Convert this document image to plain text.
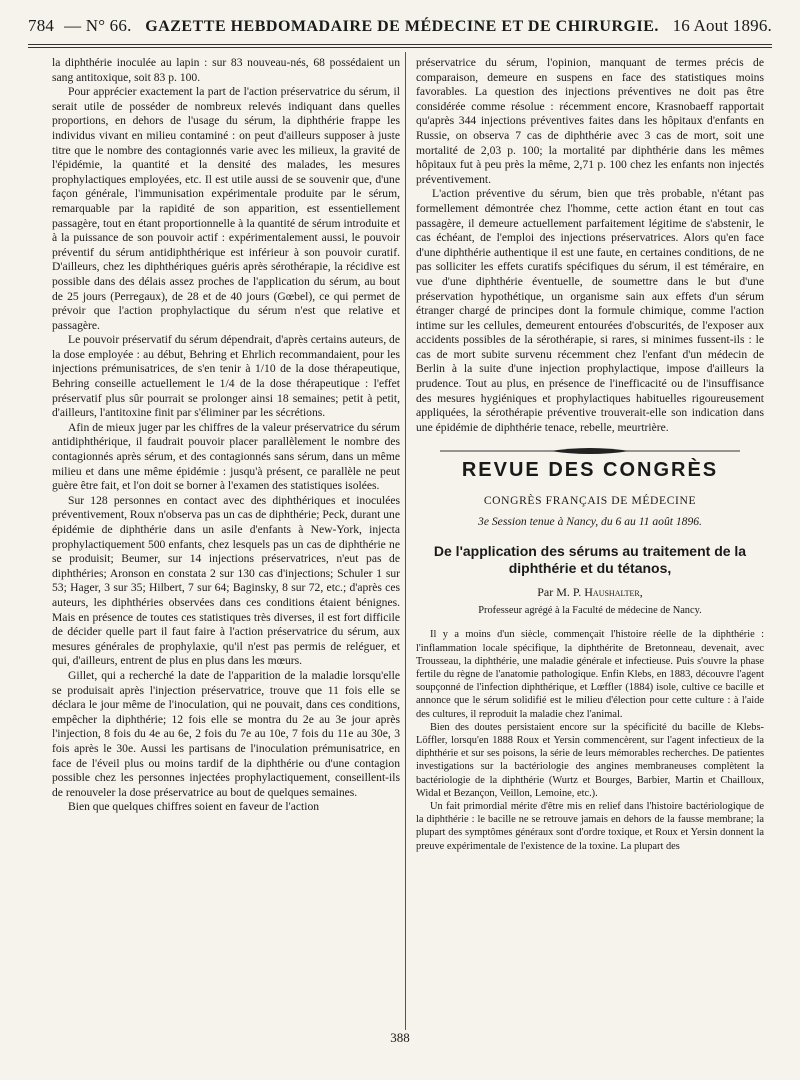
784 — N° 66. GAZETTE HEBDOMADAIRE DE MÉDECINE ET DE CHIRURGIE. 16 Aout 1896.

la diphthérie inoculée au lapin : sur 83 nouveau-nés, 68 possédaient un sang antitoxique, soit 83 p. 100.

Pour apprécier exactement la part de l'action préservatrice du sérum, il serait utile de posséder de nombreux relevés indiquant dans quelles proportions, en dehors de l'usage du sérum, la diphthérie frappe les individus vivant en milieu contaminé : on peut d'ailleurs supposer à juste titre que le nombre des contagionnés varie avec les milieux, la gravité de l'épidémie, la quantité et la densité des malades, les mesures prophylactiques employées, etc. Il est utile aussi de se souvenir que, d'une façon générale, l'immunisation expérimentale produite par le sérum, remarquable par la rapidité de son apparition, est essentiellement passagère, tout en étant proportionnelle à la quantité de sérum introduite et à la puissance de son pouvoir actif : expérimentalement aussi, le pouvoir préventif du sérum antidiphthérique est inférieur à son pouvoir curatif. D'ailleurs, chez les diphthériques guéris après sérothérapie, la récidive est possible dans des délais assez proches de l'application du sérum, au bout de 25 jours (Perregaux), de 28 et de 40 jours (Gœbel), ce qui permet de prévoir que l'action prophylactique du sérum n'est que relative et passagère.

Le pouvoir préservatif du sérum dépendrait, d'après certains auteurs, de la dose employée : au début, Behring et Ehrlich recommandaient, pour les injections prémunisatrices, de s'en tenir à 1/10 de la dose thérapeutique, Behring conseille actuellement le 1/4 de la dose thérapeutique : l'effet préservatif plus sûr pourrait se prolonger ainsi 18 semaines; petit à petit, d'ailleurs, l'antitoxine finit par s'éliminer par les sécrétions.

Afin de mieux juger par les chiffres de la valeur préservatrice du sérum antidiphthérique, il faudrait pouvoir placer parallèlement le nombre des contagionnés après sérum, et des contagionnés sans sérum, dans un même milieu et dans une même épidémie : jusqu'à présent, ce parallèle ne peut guère être fait, et l'on doit se borner à l'examen des statistiques isolées.

Sur 128 personnes en contact avec des diphthériques et inoculées préventivement, Roux n'observa pas un cas de diphthérie; Peck, durant une épidémie de diphthérie dans un asile d'enfants à New-York, injecta prophylactiquement 500 enfants, chez lesquels pas un cas de diphthérie ne se produisit; Beumer, sur 14 injections préservatrices, n'eut pas de diphthéries; Aronson en constata 2 sur 130 cas d'injections; Schuler 1 sur 53; Hager, 3 sur 35; Hilbert, 7 sur 64; Baginsky, 8 sur 72, etc.; d'après ces auteurs, les diphthéries observées dans ces conditions étaient bénignes. Mais en présence de toutes ces statistiques très diverses, il est fort difficile de décider quelle part il faut faire à l'action préservatrice du sérum, aux mesures générales de prophylaxie, qu'il n'est pas permis de reléguer, et qui, d'ailleurs, entrent de plus en plus dans les mœurs.

Gillet, qui a recherché la date de l'apparition de la maladie lorsqu'elle se produisait après l'injection préservatrice, trouve que 11 fois elle se déclara le jour même de l'inoculation, qui ne pouvait, dans ces conditions, empêcher la diphthérie; 12 fois elle se montra du 2e au 3e jour après l'injection, 8 fois du 4e au 6e, 2 fois du 7e au 10e, 7 fois du 11e au 30e, 3 fois après le 30e. Aussi les partisans de l'inoculation prémunisatrice, en face de l'éveil plus ou moins tardif de la diphthérie ou d'une contagion possible chez les personnes injectées prophylactiquement, conseillent-ils de renouveler la dose préservatrice au bout de quelques semaines.

Bien que quelques chiffres soient en faveur de l'action

préservatrice du sérum, l'opinion, manquant de termes précis de comparaison, demeure en suspens en face des statistiques moins favorables. La question des injections préventives ne doit pas être considérée comme résolue : récemment encore, Krasnobaeff rapportait qu'après 344 injections préventives faites dans les hôpitaux d'enfants en Russie, on observa 7 cas de diphthérie avec 3 cas de mort, soit une mortalité de 2,03 p. 100; la mortalité par diphthérie dans les mêmes hôpitaux fut à peu près la même, 2,71 p. 100 chez les enfants non injectés préventivement.

L'action préventive du sérum, bien que très probable, n'étant pas formellement démontrée chez l'homme, cette action étant en tout cas passagère, il demeure actuellement parfaitement légitime de s'abstenir, le cas échéant, de l'emploi des injections préservatrices. Alors qu'en face d'une diphthérie authentique il est une faute, en certaines conditions, de ne pas solliciter les effets curatifs spécifiques du sérum, il est téméraire, en vue d'une diphthérie éventuelle, de soumettre dans le but d'une préservation hypothétique, un organisme sain aux effets d'un sérum étranger chargé de principes dont la formule chimique, comme l'action intime sur les cellules, demeurent entourées d'obscurités, de l'exposer aux accidents possibles de la sérothérapie, si rares, si minimes fussent-ils : le cas de mort subite survenu récemment chez l'enfant d'un médecin de Berlin à la suite d'une injection prophylactique, impose d'ailleurs la prudence. Tout au plus, en présence de l'inefficacité ou de l'insuffisance des mesures hygiéniques et prophylactiques habituelles rigoureusement appliquées, la sérothérapie préventive trouverait-elle son indication dans une épidémie de diphthérie tenace, rebelle, meurtrière.

REVUE DES CONGRÈS
CONGRÈS FRANÇAIS DE MÉDECINE
3e Session tenue à Nancy, du 6 au 11 août 1896.
De l'application des sérums au traitement de la diphthérie et du tétanos,
Par M. P. Haushalter,
Professeur agrégé à la Faculté de médecine de Nancy.

Il y a moins d'un siècle, commençait l'histoire réelle de la diphthérie : l'inflammation locale spécifique, la diphthérite de Bretonneau, devenait, avec Trousseau, la diphthérie, une maladie générale et infectieuse. Puis s'ouvre la phase fertile du règne de l'anatomie pathologique. Enfin Klebs, en 1883, découvre l'agent soupçonné de l'infection diphthérique, et Lœffler (1884) isole, cultive ce bacille et annonce que le sérum solidifié est le milieu d'élection pour cette culture : à l'aide des cultures, il reproduit la maladie chez l'animal.

Bien des doutes persistaient encore sur la spécificité du bacille de Klebs-Löffler, lorsqu'en 1888 Roux et Yersin commencèrent, sur l'agent infectieux de la diphthérie et sur ses poisons, la série de leurs mémorables recherches. De patientes investigations sur la bactériologie des angines membraneuses complètent la bactériologie de la diphthérie (Wurtz et Bourges, Barbier, Martin et Chailloux, Widal et Bezançon, Veillon, Lemoine, etc.).

Un fait primordial mérite d'être mis en relief dans l'histoire bactériologique de la diphthérie : le bacille ne se retrouve jamais en dehors de la fausse membrane; la plupart des symptômes généraux sont d'ordre toxique, et Roux et Yersin donnent la preuve expérimentale de l'existence de la toxine. La plupart des

388
